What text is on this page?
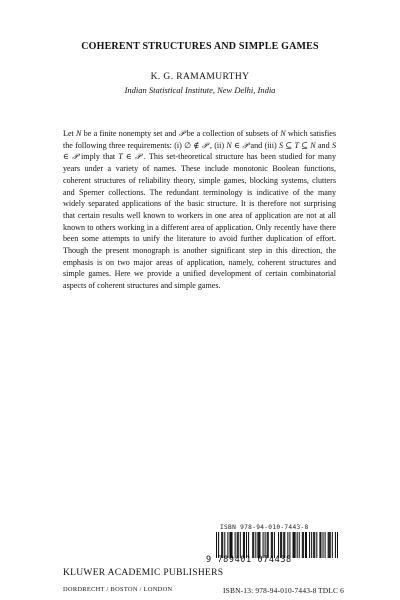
COHERENT STRUCTURES AND SIMPLE GAMES
K. G. RAMAMURTHY
Indian Statistical Institute, New Delhi, India

Let N be a finite nonempty set and 𝒫 be a collection of subsets of N which satisfies the following three requirements: (i) ∅ ∉ 𝒫 , (ii) N ∈ 𝒫 and (iii) S ⊆ T ⊆ N and S ∈ 𝒫 imply that T ∈ 𝒫 . This set-theoretical structure has been studied for many years under a variety of names. These include monotonic Boolean functions, coherent structures of reliability theory, simple games, blocking systems, clutters and Sperner collections. The redundant terminology is indicative of the many widely separated applications of the basic structure. It is therefore not surprising that certain results well known to workers in one area of application are not at all known to others working in a different area of application. Only recently have there been some attempts to unify the literature to avoid further duplication of effort. Though the present monograph is another significant step in this direction, the emphasis is on two major areas of application, namely, coherent structures and simple games. Here we provide a unified development of certain combinatorial aspects of coherent structures and simple games.

ISBN 978-94-010-7443-8
9 789401 074438
KLUWER ACADEMIC PUBLISHERS
DORDRECHT / BOSTON / LONDON	ISBN-13: 978-94-010-7443-8 TDLC 6
